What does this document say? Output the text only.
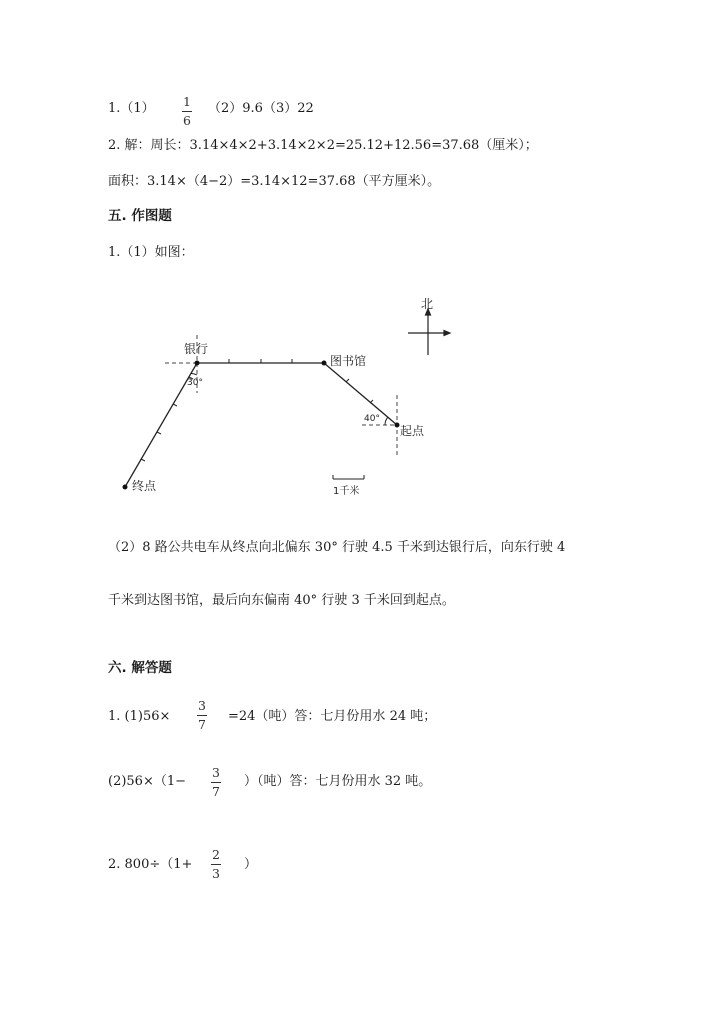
1.（1） 1
6
（2）9.6（3）22
2. 解：周长：3.14×4×2+3.14×2×2=25.12+12.56=37.68（厘米）；
面积：3.14×（4−2）=3.14×12=37.68（平方厘米）。
五. 作图题
1.（1）如图：
北
银行
图书馆
起点
终点
30°
40°
1千米
（2）8 路公共电车从终点向北偏东 30° 行驶 4.5 千米到达银行后，向东行驶 4
千米到达图书馆，最后向东偏南 40° 行驶 3 千米回到起点。
六. 解答题
1. (1)56×
3
7
=24（吨）答：七月份用水 24 吨；
(2)56×（1−
3
7
）（吨）答：七月份用水 32 吨。
2. 800÷（1+
2
3
）
